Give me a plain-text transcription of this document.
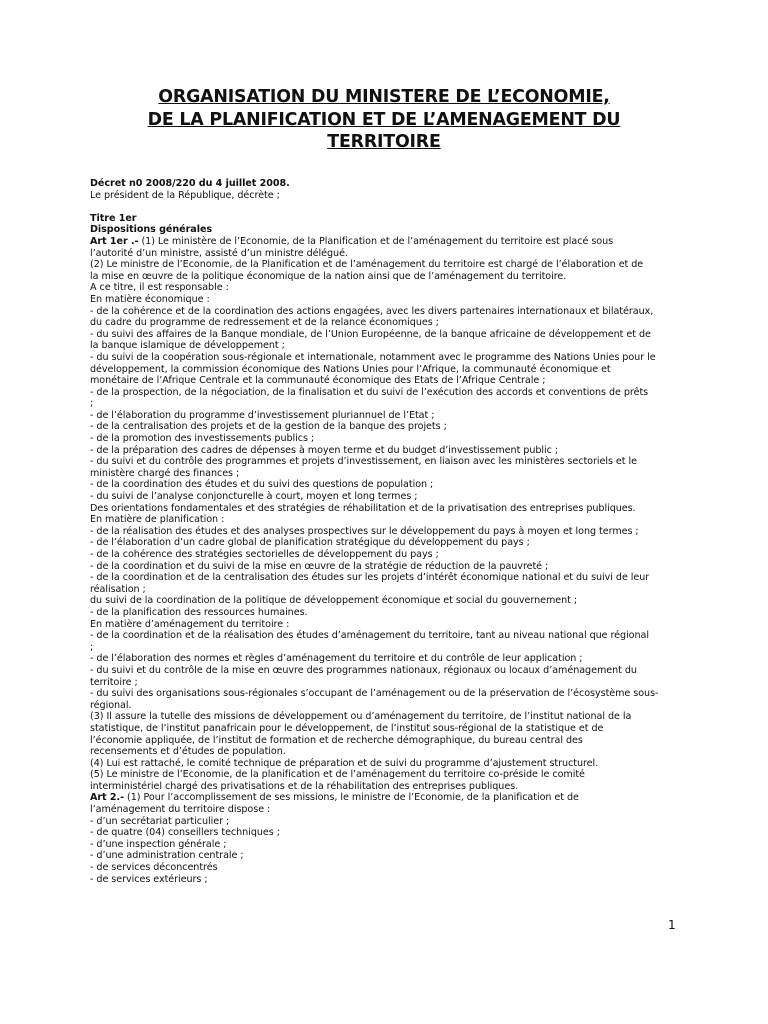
ORGANISATION DU MINISTERE DE L’ECONOMIE,
DE LA PLANIFICATION ET DE L’AMENAGEMENT DU
TERRITOIRE
Décret n0 2008/220 du 4 juillet 2008.
Le président de la République, décrète ;
Titre 1er
Dispositions générales
Art 1er .- (1) Le ministère de l’Economie, de la Planification et de l’aménagement du territoire est placé sous
l’autorité d’un ministre, assisté d’un ministre délégué.
(2) Le ministre de l’Economie, de la Planification et de l’aménagement du territoire est chargé de l’élaboration et de
la mise en œuvre de la politique économique de la nation ainsi que de l’aménagement du territoire.
A ce titre, il est responsable :
En matière économique :
- de la cohérence et de la coordination des actions engagées, avec les divers partenaires internationaux et bilatéraux,
du cadre du programme de redressement et de la relance économiques ;
- du suivi des affaires de la Banque mondiale, de l’Union Européenne, de la banque africaine de développement et de
la banque islamique de développement ;
- du suivi de la coopération sous-régionale et internationale, notamment avec le programme des Nations Unies pour le
développement, la commission économique des Nations Unies pour l’Afrique, la communauté économique et
monétaire de l’Afrique Centrale et la communauté économique des Etats de l’Afrique Centrale ;
- de la prospection, de la négociation, de la finalisation et du suivi de l’exécution des accords et conventions de prêts
;
- de l’élaboration du programme d’investissement pluriannuel de l’Etat ;
- de la centralisation des projets et de la gestion de la banque des projets ;
- de la promotion des investissements publics ;
- de la préparation des cadres de dépenses à moyen terme et du budget d’investissement public ;
- du suivi et du contrôle des programmes et projets d’investissement, en liaison avec les ministères sectoriels et le
ministère chargé des finances ;
- de la coordination des études et du suivi des questions de population ;
- du suivi de l’analyse conjoncturelle à court, moyen et long termes ;
Des orientations fondamentales et des stratégies de réhabilitation et de la privatisation des entreprises publiques.
En matière de planification :
- de la réalisation des études et des analyses prospectives sur le développement du pays à moyen et long termes ;
- de l’élaboration d’un cadre global de planification stratégique du développement du pays ;
- de la cohérence des stratégies sectorielles de développement du pays ;
- de la coordination et du suivi de la mise en œuvre de la stratégie de réduction de la pauvreté ;
- de la coordination et de la centralisation des études sur les projets d’intérêt économique national et du suivi de leur
réalisation ;
du suivi de la coordination de la politique de développement économique et social du gouvernement ;
- de la planification des ressources humaines.
En matière d’aménagement du territoire :
- de la coordination et de la réalisation des études d’aménagement du territoire, tant au niveau national que régional
;
- de l’élaboration des normes et règles d’aménagement du territoire et du contrôle de leur application ;
- du suivi et du contrôle de la mise en œuvre des programmes nationaux, régionaux ou locaux d’aménagement du
territoire ;
- du suivi des organisations sous-régionales s’occupant de l’aménagement ou de la préservation de l’écosystème sous-
régional.
(3) Il assure la tutelle des missions de développement ou d’aménagement du territoire, de l’institut national de la
statistique, de l’institut panafricain pour le développement, de l’institut sous-régional de la statistique et de
l’économie appliquée, de l’institut de formation et de recherche démographique, du bureau central des
recensements et d’études de population.
(4) Lui est rattaché, le comité technique de préparation et de suivi du programme d’ajustement structurel.
(5) Le ministre de l’Economie, de la planification et de l’aménagement du territoire co-préside le comité
interministériel chargé des privatisations et de la réhabilitation des entreprises publiques.
Art 2.- (1) Pour l’accomplissement de ses missions, le ministre de l’Economie, de la planification et de
l’aménagement du territoire dispose :
- d’un secrétariat particulier ;
- de quatre (04) conseillers techniques ;
- d’une inspection générale ;
- d’une administration centrale ;
- de services déconcentrés
- de services extérieurs ;
1
